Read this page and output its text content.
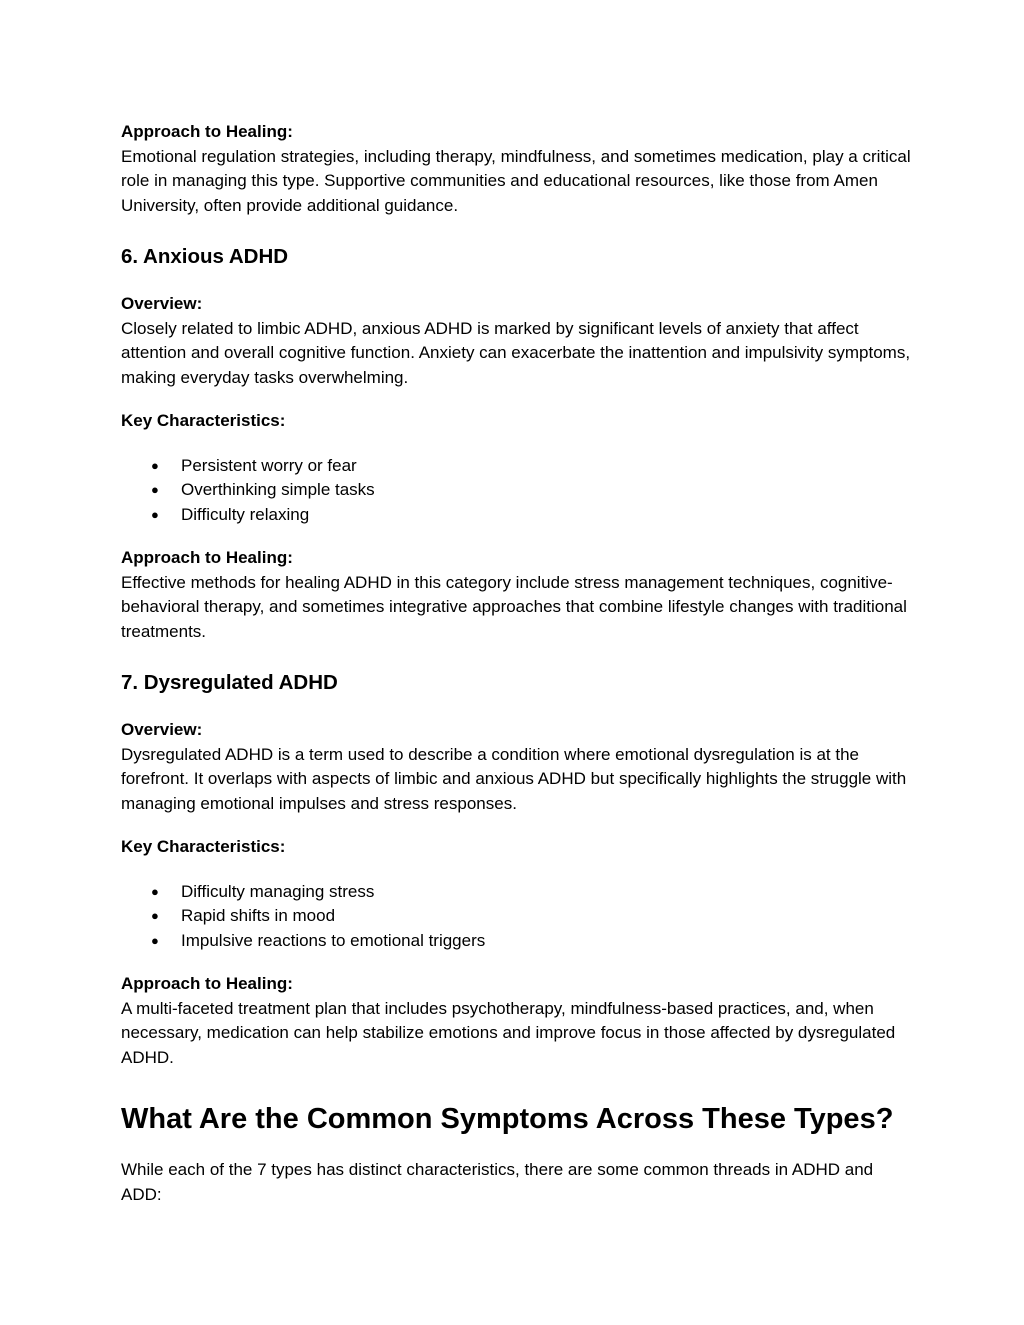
Approach to Healing:

Emotional regulation strategies, including therapy, mindfulness, and sometimes medication, play a critical role in managing this type. Supportive communities and educational resources, like those from Amen University, often provide additional guidance.

6. Anxious ADHD

Overview:

Closely related to limbic ADHD, anxious ADHD is marked by significant levels of anxiety that affect attention and overall cognitive function. Anxiety can exacerbate the inattention and impulsivity symptoms, making everyday tasks overwhelming.

Key Characteristics:

● Persistent worry or fear
● Overthinking simple tasks
● Difficulty relaxing

Approach to Healing:

Effective methods for healing ADHD in this category include stress management techniques, cognitive-behavioral therapy, and sometimes integrative approaches that combine lifestyle changes with traditional treatments.

7. Dysregulated ADHD

Overview:

Dysregulated ADHD is a term used to describe a condition where emotional dysregulation is at the forefront. It overlaps with aspects of limbic and anxious ADHD but specifically highlights the struggle with managing emotional impulses and stress responses.

Key Characteristics:

● Difficulty managing stress
● Rapid shifts in mood
● Impulsive reactions to emotional triggers

Approach to Healing:

A multi-faceted treatment plan that includes psychotherapy, mindfulness-based practices, and, when necessary, medication can help stabilize emotions and improve focus in those affected by dysregulated ADHD.

What Are the Common Symptoms Across These Types?

While each of the 7 types has distinct characteristics, there are some common threads in ADHD and ADD:
